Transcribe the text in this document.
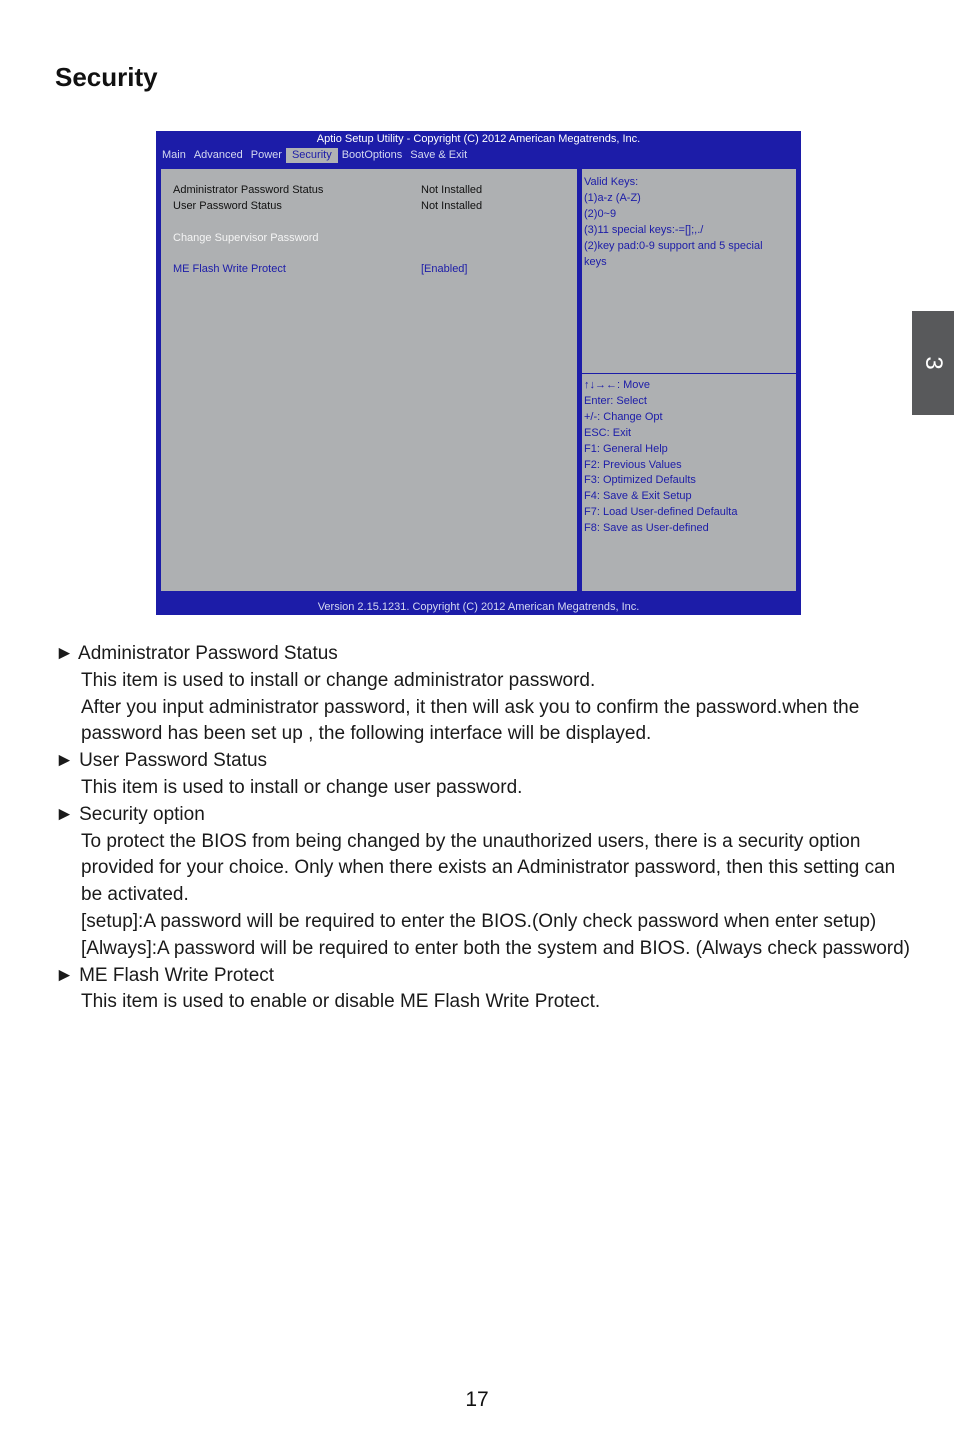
Security
3
Aptio Setup Utility - Copyright (C) 2012 American Megatrends, Inc.
Main Advanced Power Security BootOptions Save & Exit
Administrator Password Status	Not Installed
User Password Status	Not Installed
Change Supervisor Password
ME Flash Write Protect	[Enabled]
Valid Keys:
(1)a-z (A-Z)
(2)0~9
(3)11 special keys:-=[];,./
(2)key pad:0-9 support and 5 special
keys
↑↓→←: Move
Enter: Select
+/-: Change Opt
ESC: Exit
F1: General Help
F2: Previous Values
F3: Optimized Defaults
F4: Save & Exit Setup
F7: Load User-defined Defaulta
F8: Save as User-defined
Version 2.15.1231. Copyright (C) 2012 American Megatrends, Inc.
► Administrator Password Status
This item is used to install or change administrator password.
After you input administrator password, it then will ask you to confirm the password.when the password has been set up , the following interface will be displayed.
► User Password Status
This item is used to install or change user password.
► Security option
To protect the BIOS from being changed by the unauthorized users, there is a security option provided for your choice. Only when there exists an Administrator password, then this setting can be activated.
[setup]:A password will be required to enter the BIOS.(Only check password when enter setup)
[Always]:A password will be required to enter both the system and BIOS. (Always check password)
► ME Flash Write Protect
This item is used to enable or disable ME Flash Write Protect.
17
